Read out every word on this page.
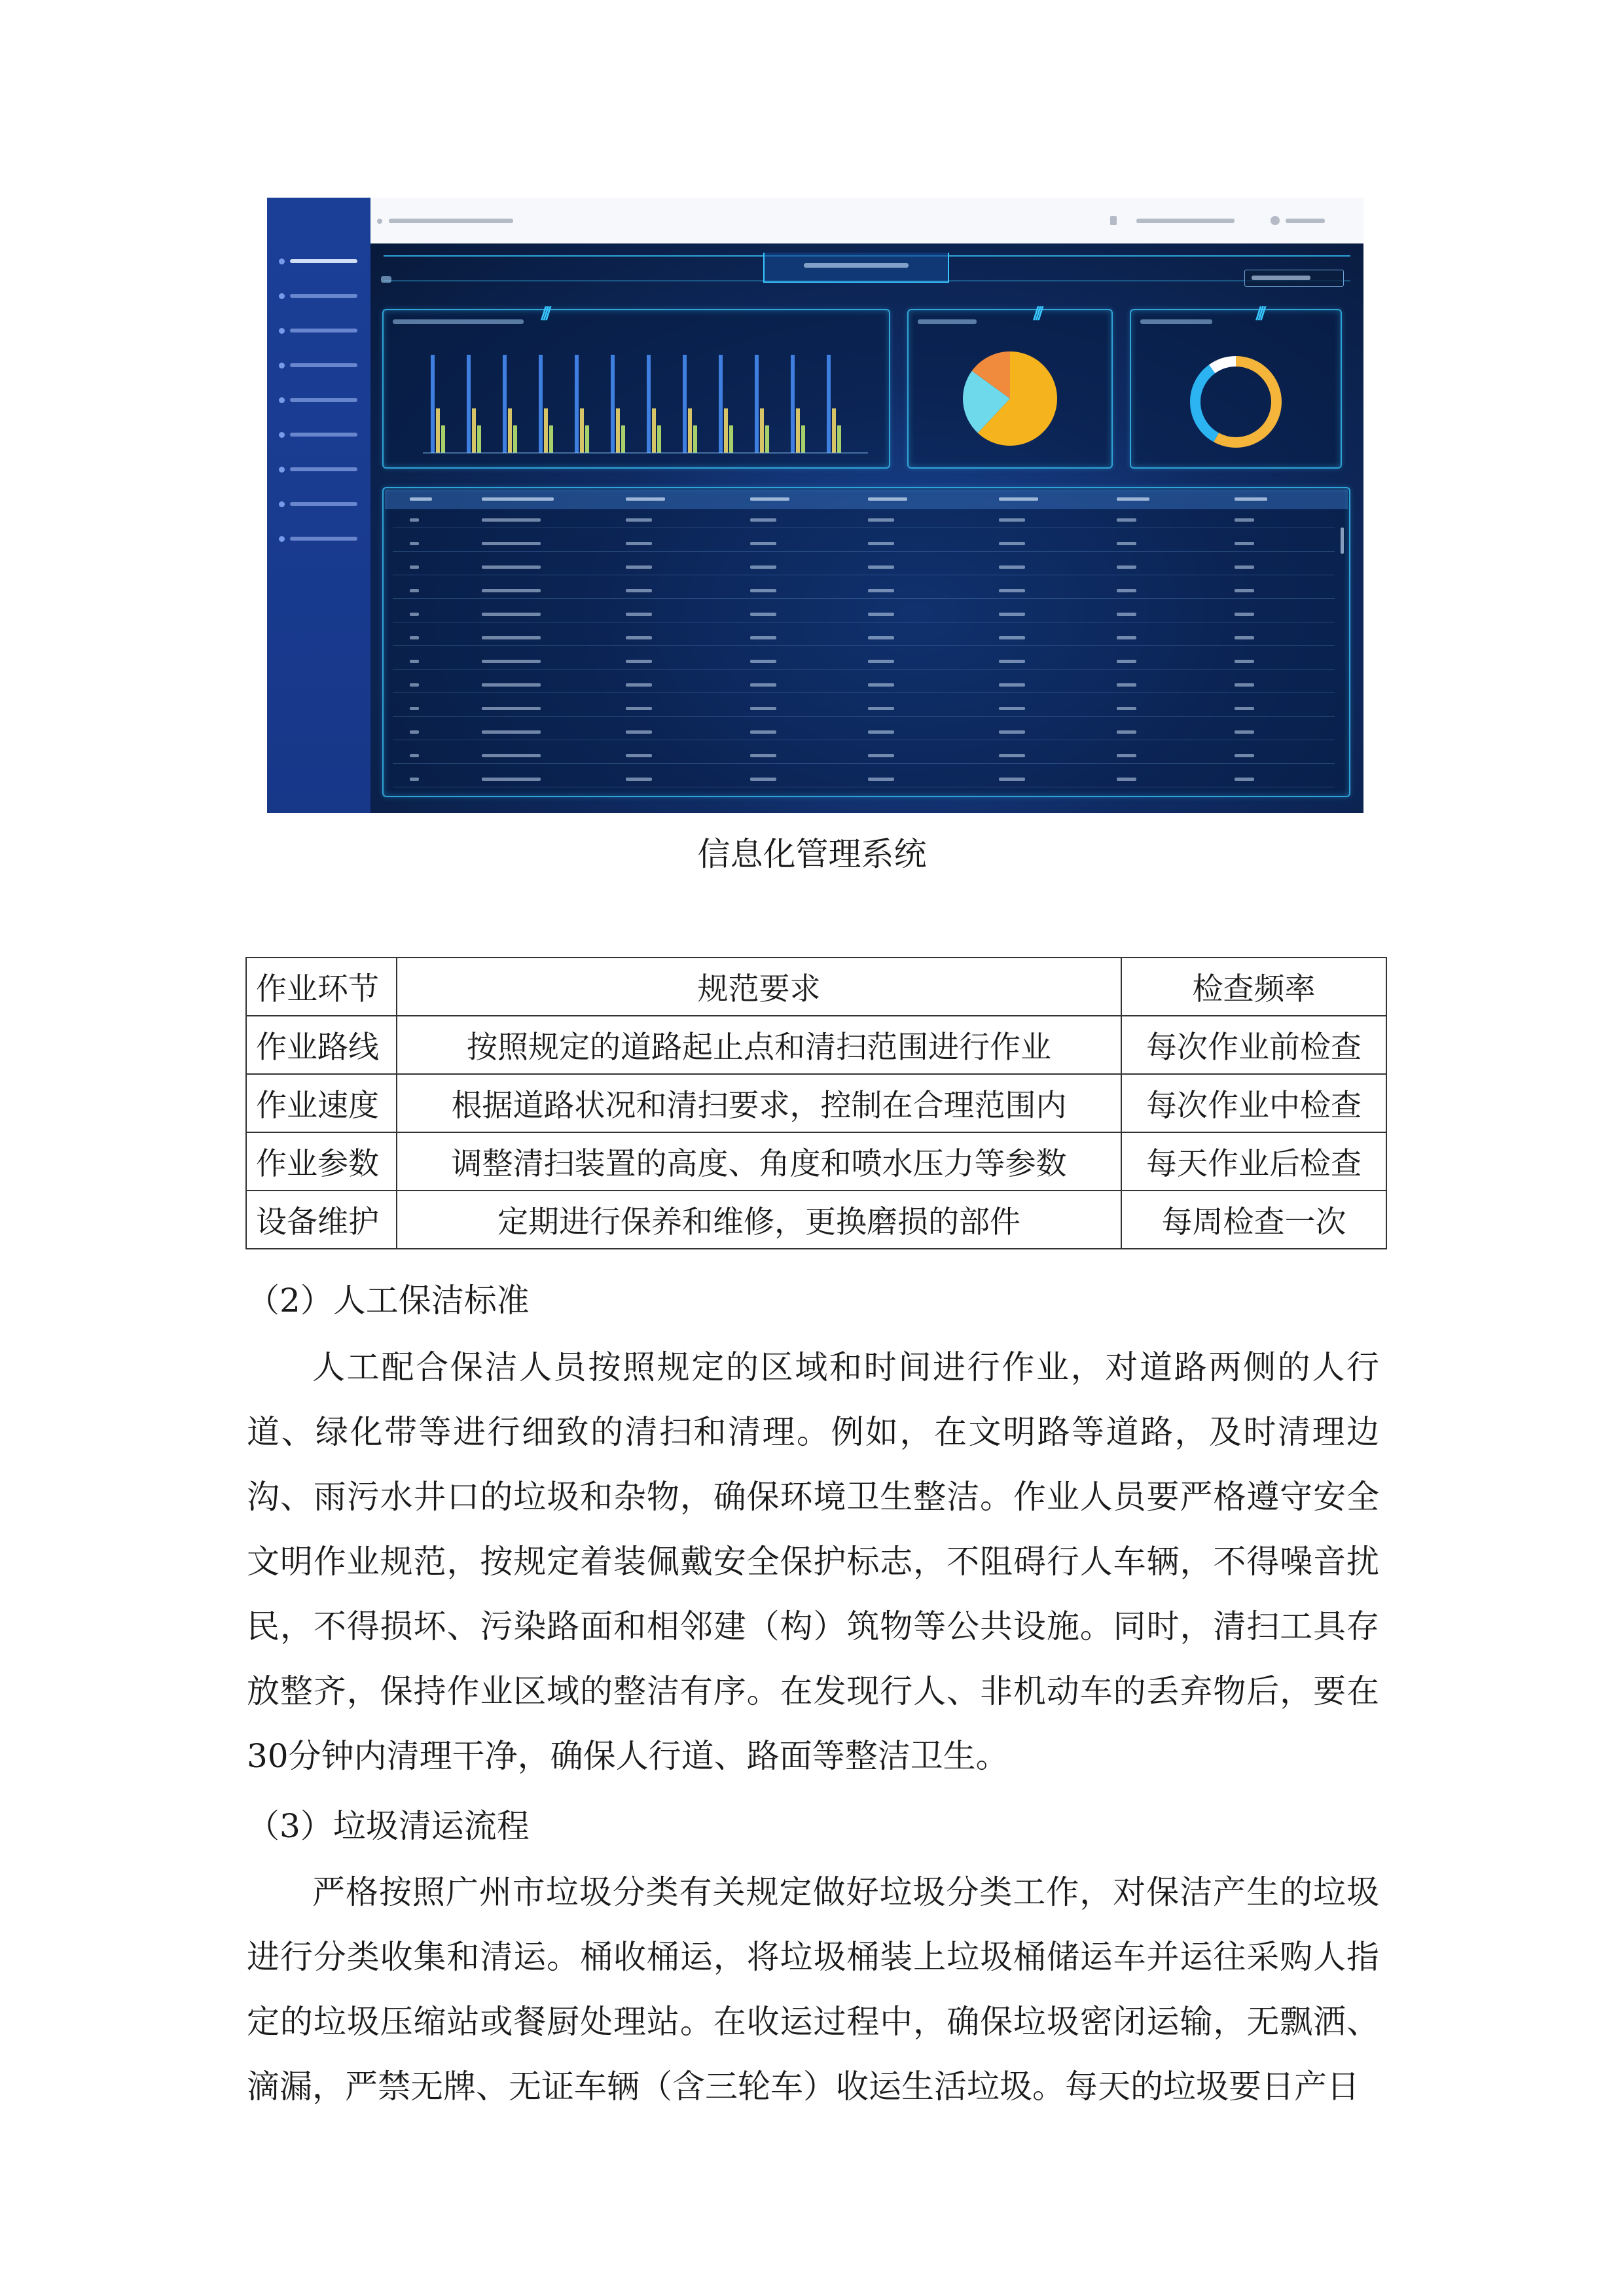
///	///	///
信息化管理系统
作业环节	规范要求	检查频率
作业路线	按照规定的道路起止点和清扫范围进行作业	每次作业前检查
作业速度	根据道路状况和清扫要求，控制在合理范围内	每次作业中检查
作业参数	调整清扫装置的高度、角度和喷水压力等参数	每天作业后检查
设备维护	定期进行保养和维修，更换磨损的部件	每周检查一次
（2）人工保洁标准
人工配合保洁人员按照规定的区域和时间进行作业，对道路两侧的人行道、绿化带等进行细致的清扫和清理。例如，在文明路等道路，及时清理边沟、雨污水井口的垃圾和杂物，确保环境卫生整洁。作业人员要严格遵守安全文明作业规范，按规定着装佩戴安全保护标志，不阻碍行人车辆，不得噪音扰民，不得损坏、污染路面和相邻建（构）筑物等公共设施。同时，清扫工具存放整齐，保持作业区域的整洁有序。在发现行人、非机动车的丢弃物后，要在30分钟内清理干净，确保人行道、路面等整洁卫生。
（3）垃圾清运流程
严格按照广州市垃圾分类有关规定做好垃圾分类工作，对保洁产生的垃圾进行分类收集和清运。桶收桶运，将垃圾桶装上垃圾桶储运车并运往采购人指定的垃圾压缩站或餐厨处理站。在收运过程中，确保垃圾密闭运输，无飘洒、滴漏，严禁无牌、无证车辆（含三轮车）收运生活垃圾。每天的垃圾要日产日
